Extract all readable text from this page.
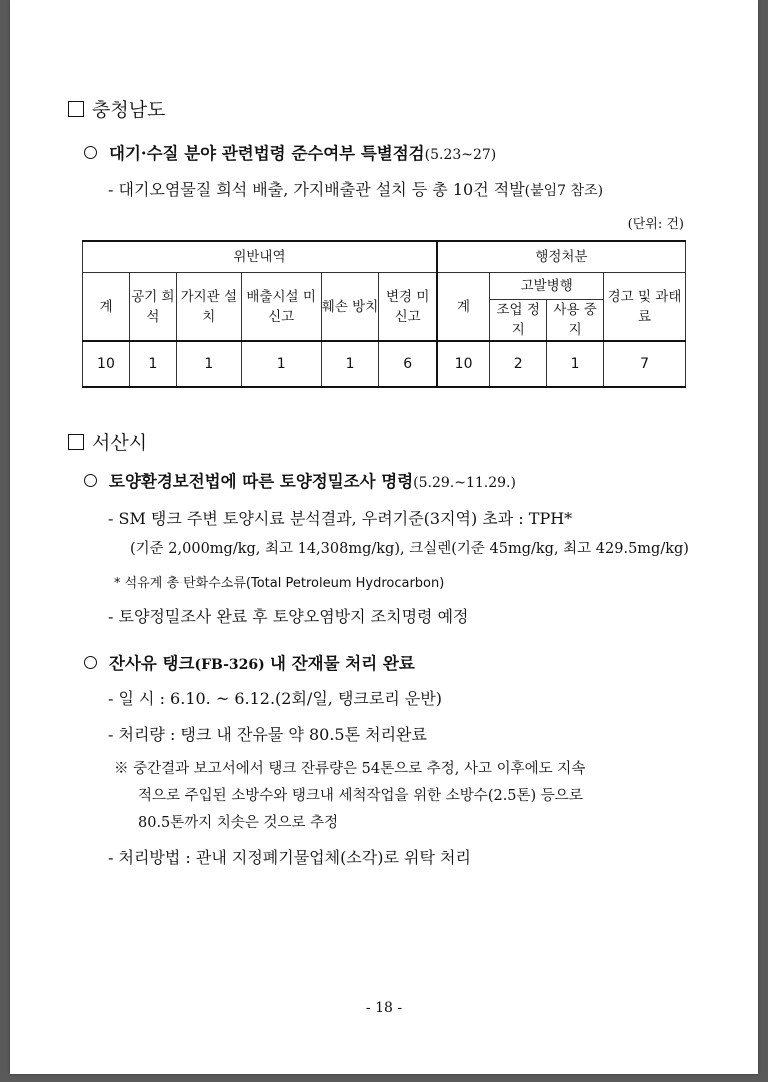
충청남도
대기·수질 분야 관련법령 준수여부 특별점검(5.23~27)
- 대기오염물질 희석 배출, 가지배출관 설치 등 총 10건 적발(붙임7 참조)
(단위: 건)
위반내역						행정처분			
계	공기 희석	가지관 설치	배출시설 미신고	훼손 방치	변경 미신고	계	고발병행		경고 및 과태료
							조업 정지	사용 중지	
10	1	1	1	1	6	10	2	1	7
서산시
토양환경보전법에 따른 토양정밀조사 명령(5.29.~11.29.)
- SM 탱크 주변 토양시료 분석결과, 우려기준(3지역) 초과 : TPH*
(기준 2,000mg/kg, 최고 14,308mg/kg), 크실렌(기준 45mg/kg, 최고 429.5mg/kg)
* 석유계 총 탄화수소류(Total Petroleum Hydrocarbon)
- 토양정밀조사 완료 후 토양오염방지 조치명령 예정
잔사유 탱크(FB-326) 내 잔재물 처리 완료
- 일 시 : 6.10. ~ 6.12.(2회/일, 탱크로리 운반)
- 처리량 : 탱크 내 잔유물 약 80.5톤 처리완료
※ 중간결과 보고서에서 탱크 잔류량은 54톤으로 추정, 사고 이후에도 지속
적으로 주입된 소방수와 탱크내 세척작업을 위한 소방수(2.5톤) 등으로
80.5톤까지 치솟은 것으로 추정
- 처리방법 : 관내 지정폐기물업체(소각)로 위탁 처리
- 18 -
